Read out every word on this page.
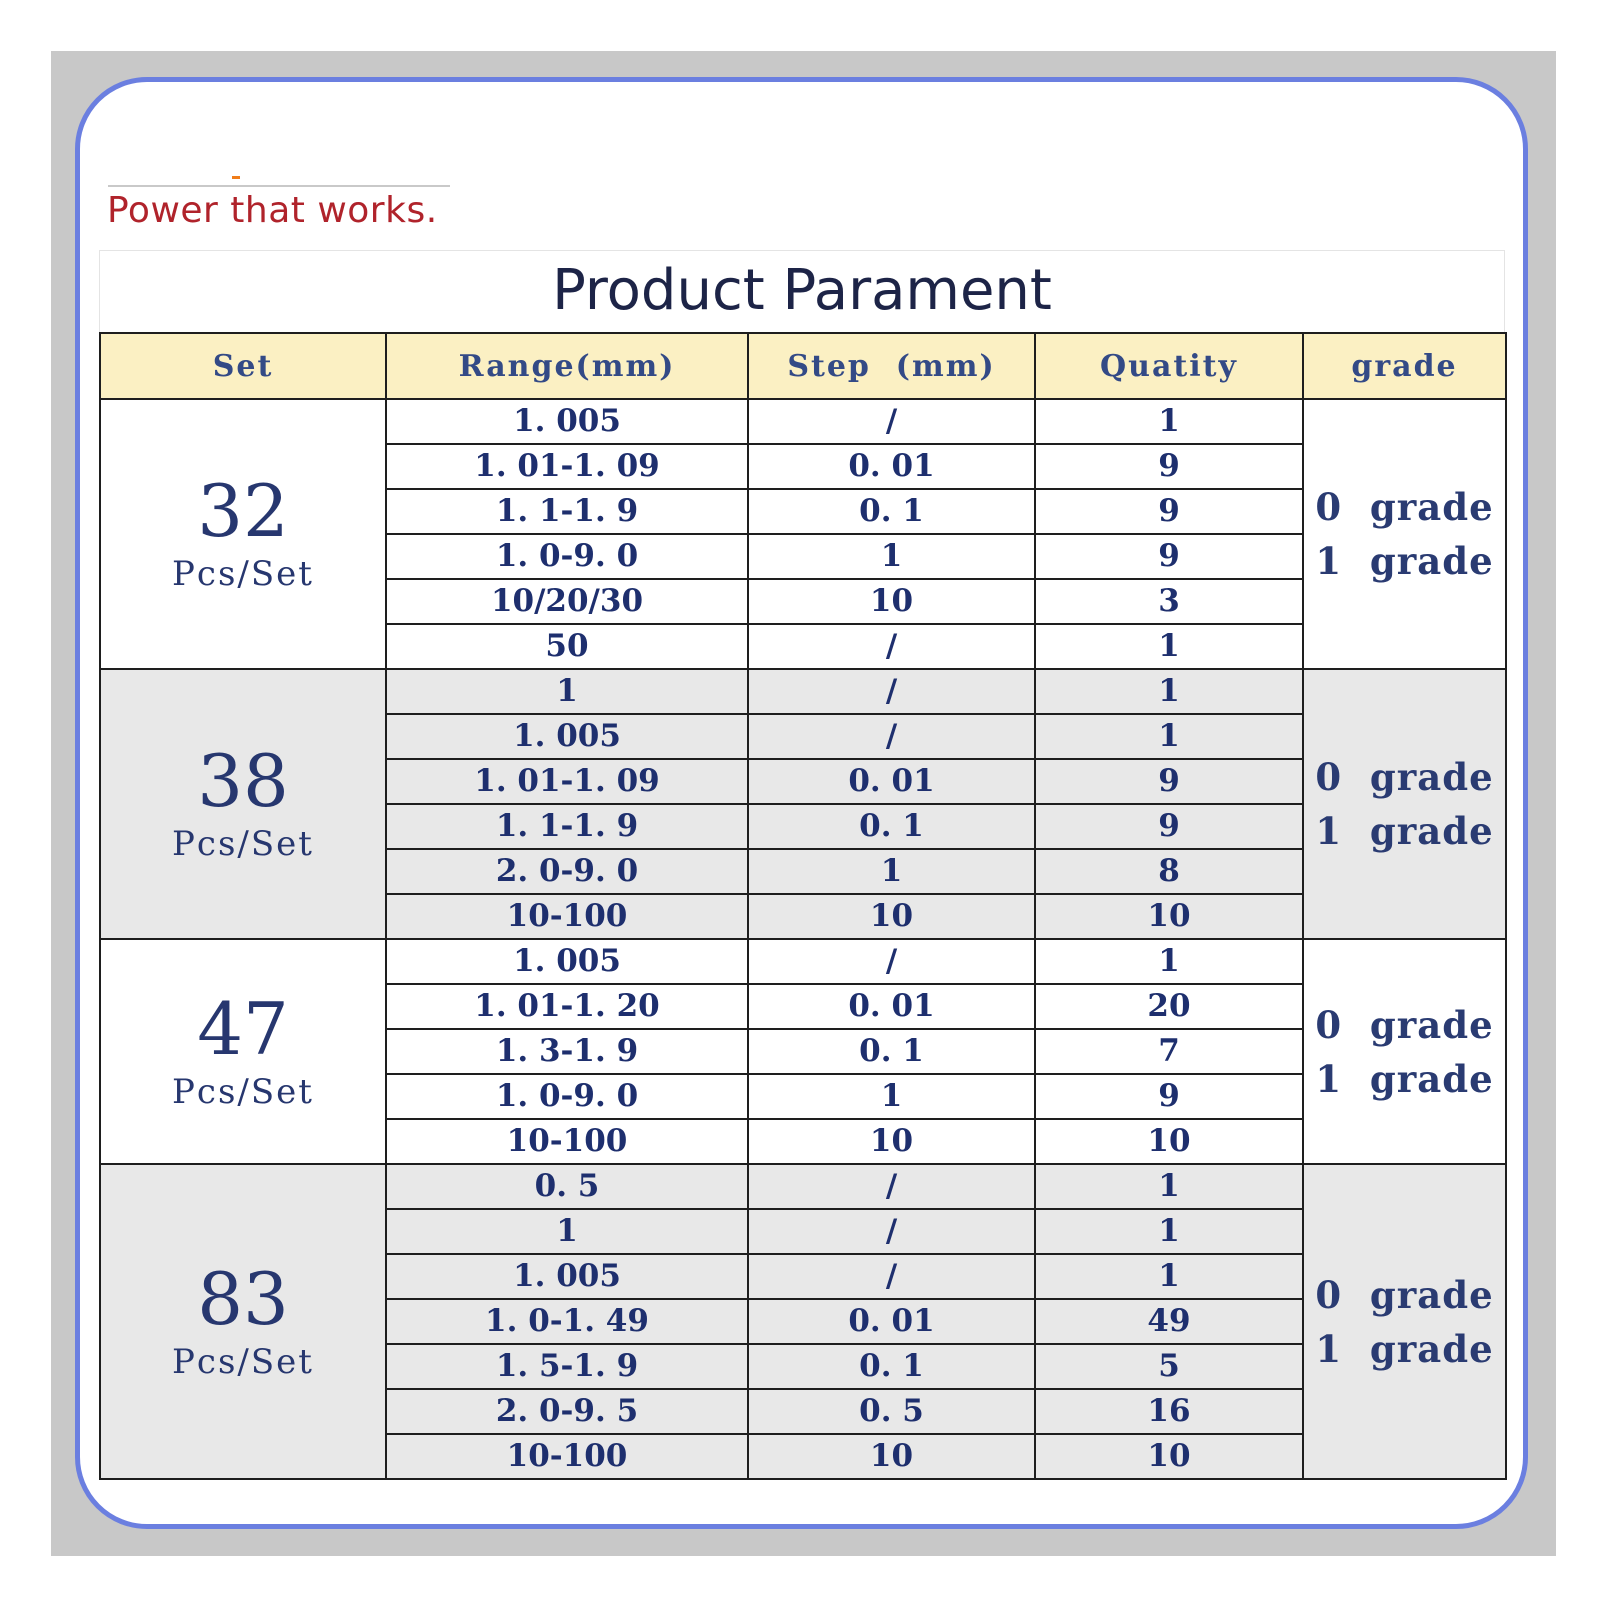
Power that works.
Product Parament
Set	Range(mm)	Step  (mm)	Quatity	grade

32
Pcs/Set	1. 005	/	1	0  grade
1  grade

	1. 01-1. 09	0. 01	9	
	1. 1-1. 9	0. 1	9	
	1. 0-9. 0	1	9	
	10/20/30	10	3	
	50	/	1	

38
Pcs/Set	1	/	1	0  grade
1  grade

	1. 005	/	1	
	1. 01-1. 09	0. 01	9	
	1. 1-1. 9	0. 1	9	
	2. 0-9. 0	1	8	
	10-100	10	10	

47
Pcs/Set	1. 005	/	1	0  grade
1  grade

	1. 01-1. 20	0. 01	20	
	1. 3-1. 9	0. 1	7	
	1. 0-9. 0	1	9	
	10-100	10	10	

83
Pcs/Set	0. 5	/	1	0  grade
1  grade

	1	/	1	
	1. 005	/	1	
	1. 0-1. 49	0. 01	49	
	1. 5-1. 9	0. 1	5	
	2. 0-9. 5	0. 5	16	
	10-100	10	10	
